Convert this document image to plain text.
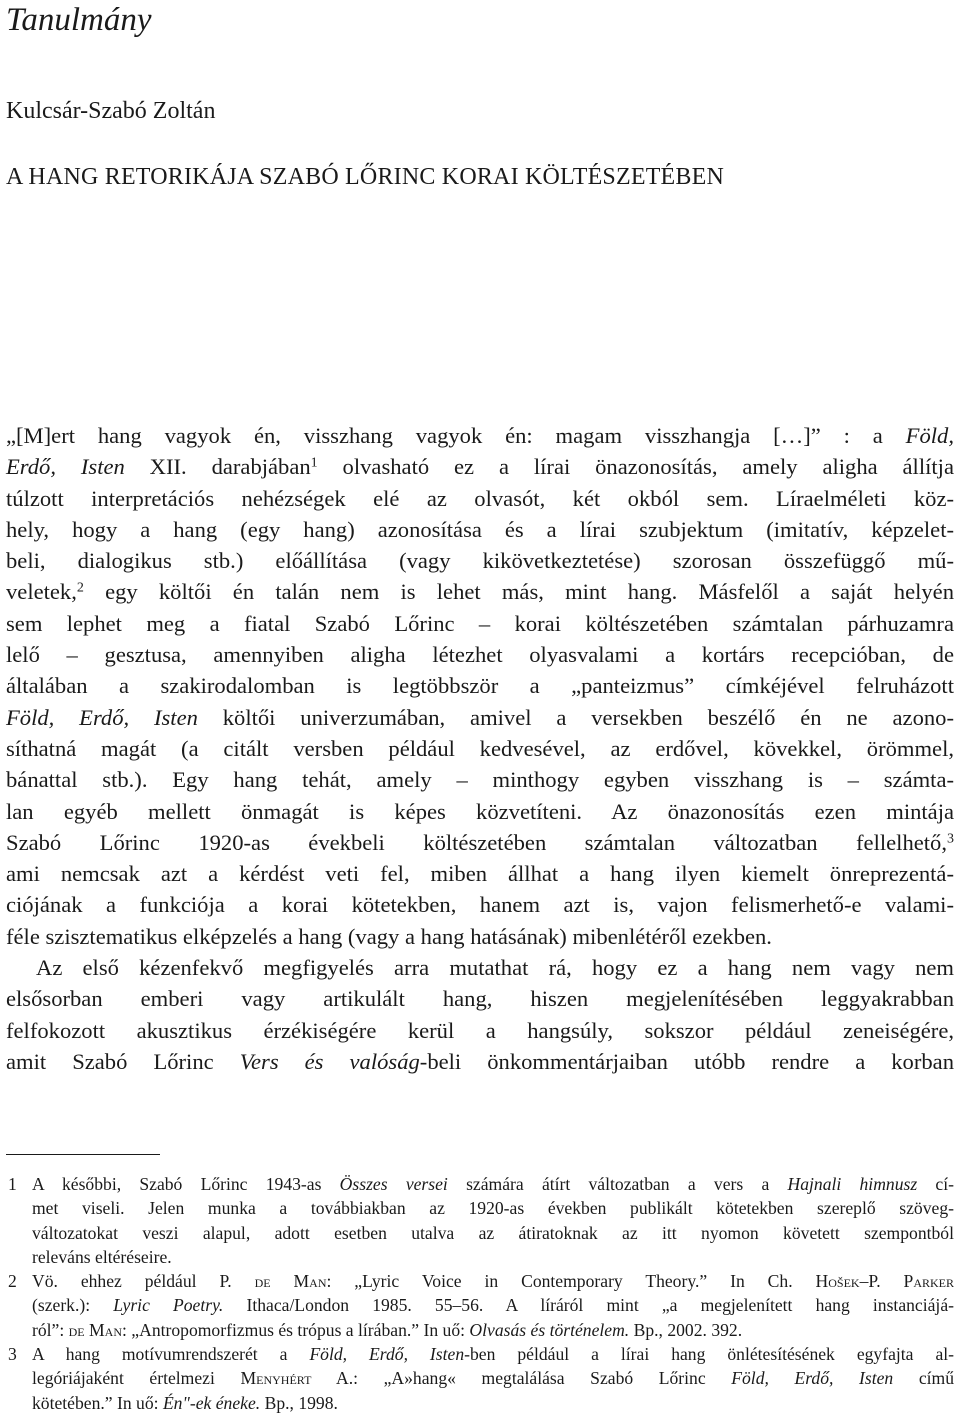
Tanulmány
Kulcsár-Szabó Zoltán
A HANG RETORIKÁJA SZABÓ LŐRINC KORAI KÖLTÉSZETÉBEN

„[M]ert hang vagyok én, visszhang vagyok én: magam visszhangja […]” : a Föld,
Erdő, Isten XII. darabjában$^1$ olvasható ez a lírai önazonosítás, amely aligha állítja
túlzott interpretációs nehézségek elé az olvasót, két okból sem. Líraelméleti köz-
hely, hogy a hang (egy hang) azonosítása és a lírai szubjektum (imitatív, képzelet-
beli, dialogikus stb.) előállítása (vagy kikövetkeztetése) szorosan összefüggő mű-
veletek,$^2$ egy költői én talán nem is lehet más, mint hang. Másfelől a saját helyén
sem lephet meg a fiatal Szabó Lőrinc – korai költészetében számtalan párhuzamra
lelő – gesztusa, amennyiben aligha létezhet olyasvalami a kortárs recepcióban, de
általában a szakirodalomban is legtöbbször a „panteizmus” címkéjével felruházott
Föld, Erdő, Isten költői univerzumában, amivel a versekben beszélő én ne azono-
síthatná magát (a citált versben például kedvesével, az erdővel, kövekkel, örömmel,
bánattal stb.). Egy hang tehát, amely – minthogy egyben visszhang is – számta-
lan egyéb mellett önmagát is képes közvetíteni. Az önazonosítás ezen mintája
Szabó Lőrinc 1920-as évekbeli költészetében számtalan változatban fellelhető,$^3$
ami nemcsak azt a kérdést veti fel, miben állhat a hang ilyen kiemelt önreprezentá-
ciójának a funkciója a korai kötetekben, hanem azt is, vajon felismerhető-e valami-
féle szisztematikus elképzelés a hang (vagy a hang hatásának) mibenlétéről ezekben.

Az első kézenfekvő megfigyelés arra mutathat rá, hogy ez a hang nem vagy nem
elsősorban emberi vagy artikulált hang, hiszen megjelenítésében leggyakrabban
felfokozott akusztikus érzékiségére kerül a hangsúly, sokszor például zeneiségére,
amit Szabó Lőrinc Vers és valóság-beli önkommentárjaiban utóbb rendre a korban

1 A későbbi, Szabó Lőrinc 1943-as Összes versei számára átírt változatban a vers a Hajnali himnusz cí-
met viseli. Jelen munka a továbbiakban az 1920-as években publikált kötetekben szereplő szöveg-
változatokat veszi alapul, adott esetben utalva az átiratoknak az itt nyomon követett szempontból
releváns eltéréseire.
2 Vö. ehhez például P. de Man: „Lyric Voice in Contemporary Theory.” In Ch. Hošek–P. Parker
(szerk.): Lyric Poetry. Ithaca/London 1985. 55–56. A líráról mint „a megjelenített hang instanciájá-
ról”: de Man: „Antropomorfizmus és trópus a lírában.” In uő: Olvasás és történelem. Bp., 2002. 392.
3 A hang motívumrendszerét a Föld, Erdő, Isten-ben például a lírai hang önlétesítésének egyfajta al-
legóriájaként értelmezi Menyhért A.: „A»hang« megtalálása Szabó Lőrinc Föld, Erdő, Isten című
kötetében.” In uő: Én"-ek éneke. Bp., 1998.
